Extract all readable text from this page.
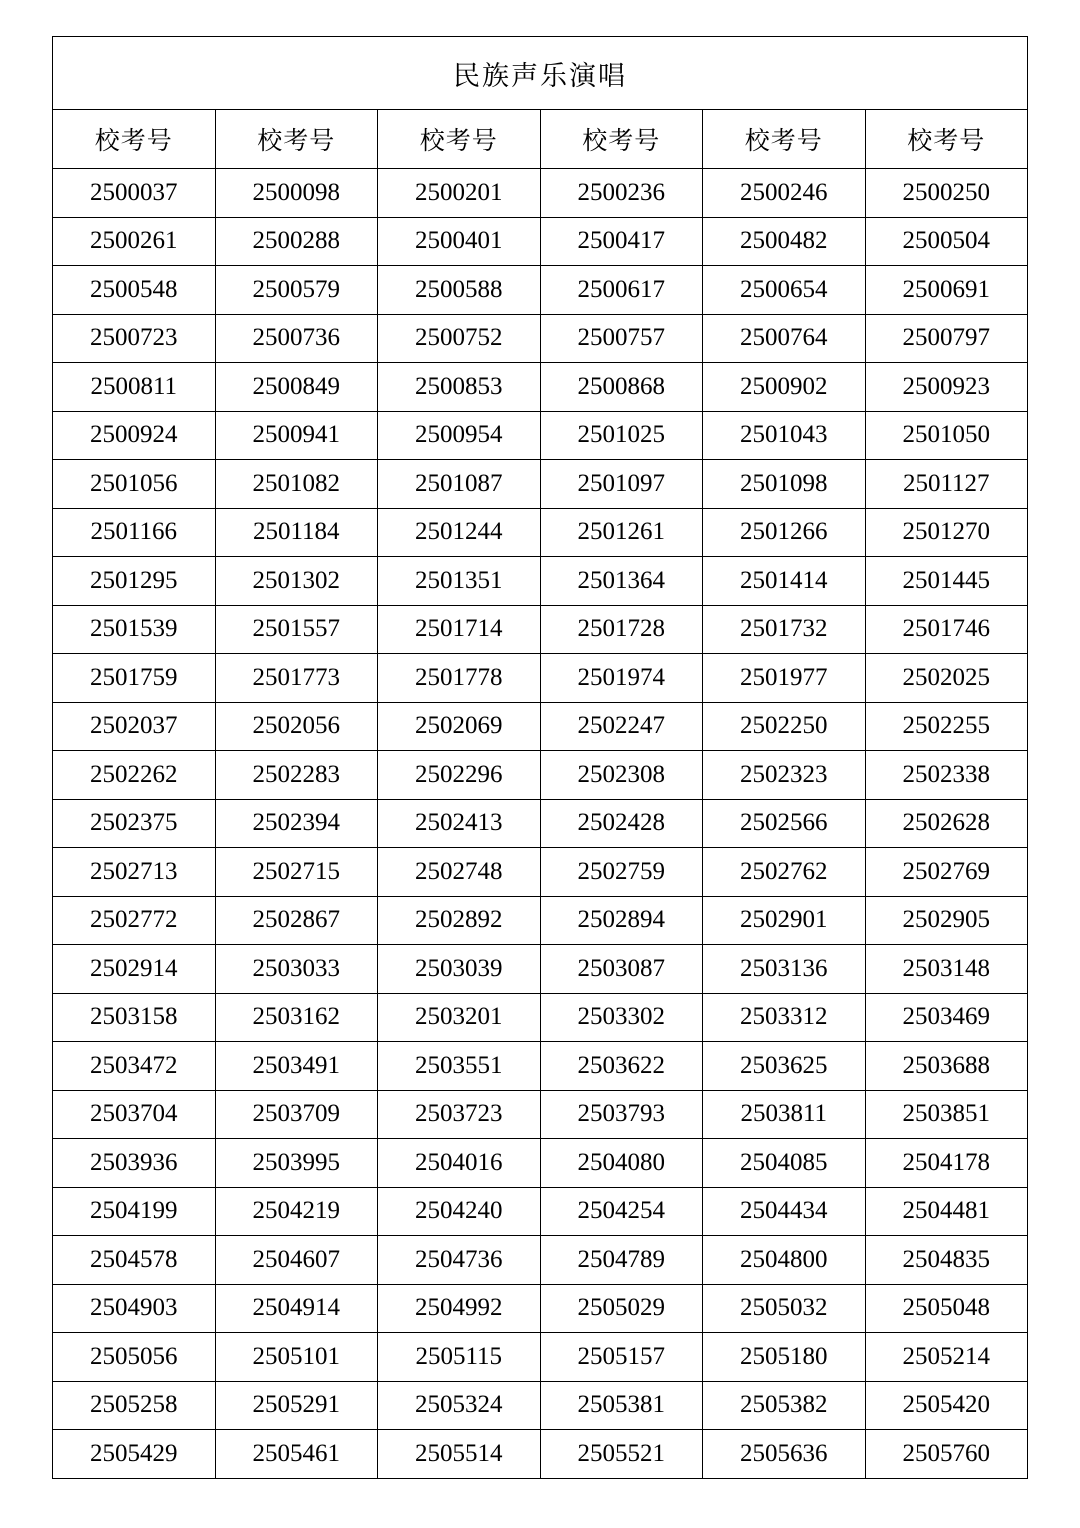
民族声乐演唱					
校考号	校考号	校考号	校考号	校考号	校考号
2500037	2500098	2500201	2500236	2500246	2500250
2500261	2500288	2500401	2500417	2500482	2500504
2500548	2500579	2500588	2500617	2500654	2500691
2500723	2500736	2500752	2500757	2500764	2500797
2500811	2500849	2500853	2500868	2500902	2500923
2500924	2500941	2500954	2501025	2501043	2501050
2501056	2501082	2501087	2501097	2501098	2501127
2501166	2501184	2501244	2501261	2501266	2501270
2501295	2501302	2501351	2501364	2501414	2501445
2501539	2501557	2501714	2501728	2501732	2501746
2501759	2501773	2501778	2501974	2501977	2502025
2502037	2502056	2502069	2502247	2502250	2502255
2502262	2502283	2502296	2502308	2502323	2502338
2502375	2502394	2502413	2502428	2502566	2502628
2502713	2502715	2502748	2502759	2502762	2502769
2502772	2502867	2502892	2502894	2502901	2502905
2502914	2503033	2503039	2503087	2503136	2503148
2503158	2503162	2503201	2503302	2503312	2503469
2503472	2503491	2503551	2503622	2503625	2503688
2503704	2503709	2503723	2503793	2503811	2503851
2503936	2503995	2504016	2504080	2504085	2504178
2504199	2504219	2504240	2504254	2504434	2504481
2504578	2504607	2504736	2504789	2504800	2504835
2504903	2504914	2504992	2505029	2505032	2505048
2505056	2505101	2505115	2505157	2505180	2505214
2505258	2505291	2505324	2505381	2505382	2505420
2505429	2505461	2505514	2505521	2505636	2505760
